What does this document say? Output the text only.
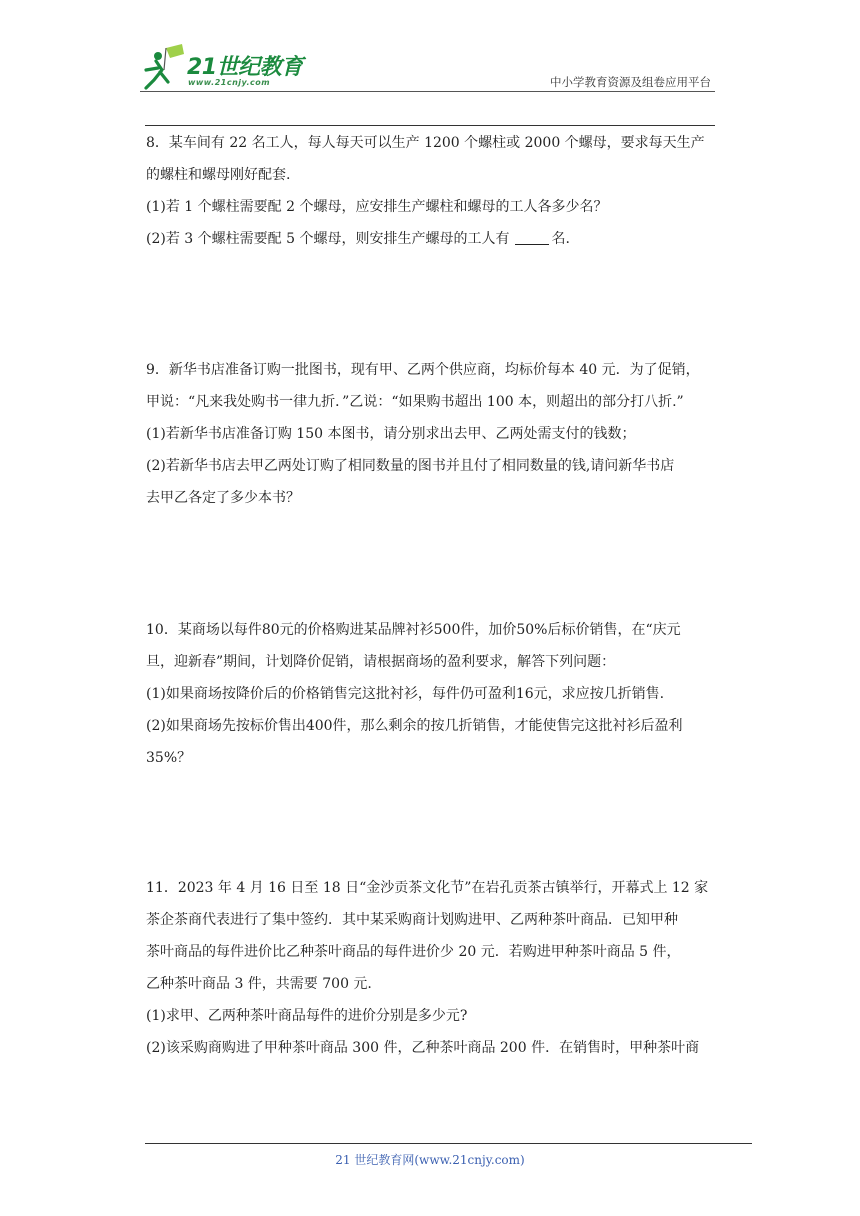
21世纪教育
www.21cnjy.com	中小学教育资源及组卷应用平台

8．某车间有 22 名工人，每人每天可以生产 1200 个螺柱或 2000 个螺母，要求每天生产

的螺柱和螺母刚好配套.

(1)若 1 个螺柱需要配 2 个螺母，应安排生产螺柱和螺母的工人各多少名？

(2)若 3 个螺柱需要配 5 个螺母，则安排生产螺母的工人有	名.

9．新华书店准备订购一批图书，现有甲、乙两个供应商，均标价每本 40 元．为了促销，

甲说：“凡来我处购书一律九折．”乙说：“如果购书超出 100 本，则超出的部分打八折.”

(1)若新华书店准备订购 150 本图书，请分别求出去甲、乙两处需支付的钱数；

(2)若新华书店去甲乙两处订购了相同数量的图书并且付了相同数量的钱,请问新华书店

去甲乙各定了多少本书？

10．某商场以每件80元的价格购进某品牌衬衫500件，加价50%后标价销售，在“庆元

旦，迎新春”期间，计划降价促销，请根据商场的盈利要求，解答下列问题：

(1)如果商场按降价后的价格销售完这批衬衫，每件仍可盈利16元，求应按几折销售.

(2)如果商场先按标价售出400件，那么剩余的按几折销售，才能使售完这批衬衫后盈利

35%？

11．2023 年 4 月 16 日至 18 日“金沙贡茶文化节”在岩孔贡茶古镇举行，开幕式上 12 家

茶企茶商代表进行了集中签约．其中某采购商计划购进甲、乙两种茶叶商品．已知甲种

茶叶商品的每件进价比乙种茶叶商品的每件进价少 20 元．若购进甲种茶叶商品 5 件，

乙种茶叶商品 3 件，共需要 700 元.

(1)求甲、乙两种茶叶商品每件的进价分别是多少元?

(2)该采购商购进了甲种茶叶商品 300 件，乙种茶叶商品 200 件．在销售时，甲种茶叶商

21 世纪教育网(www.21cnjy.com)
